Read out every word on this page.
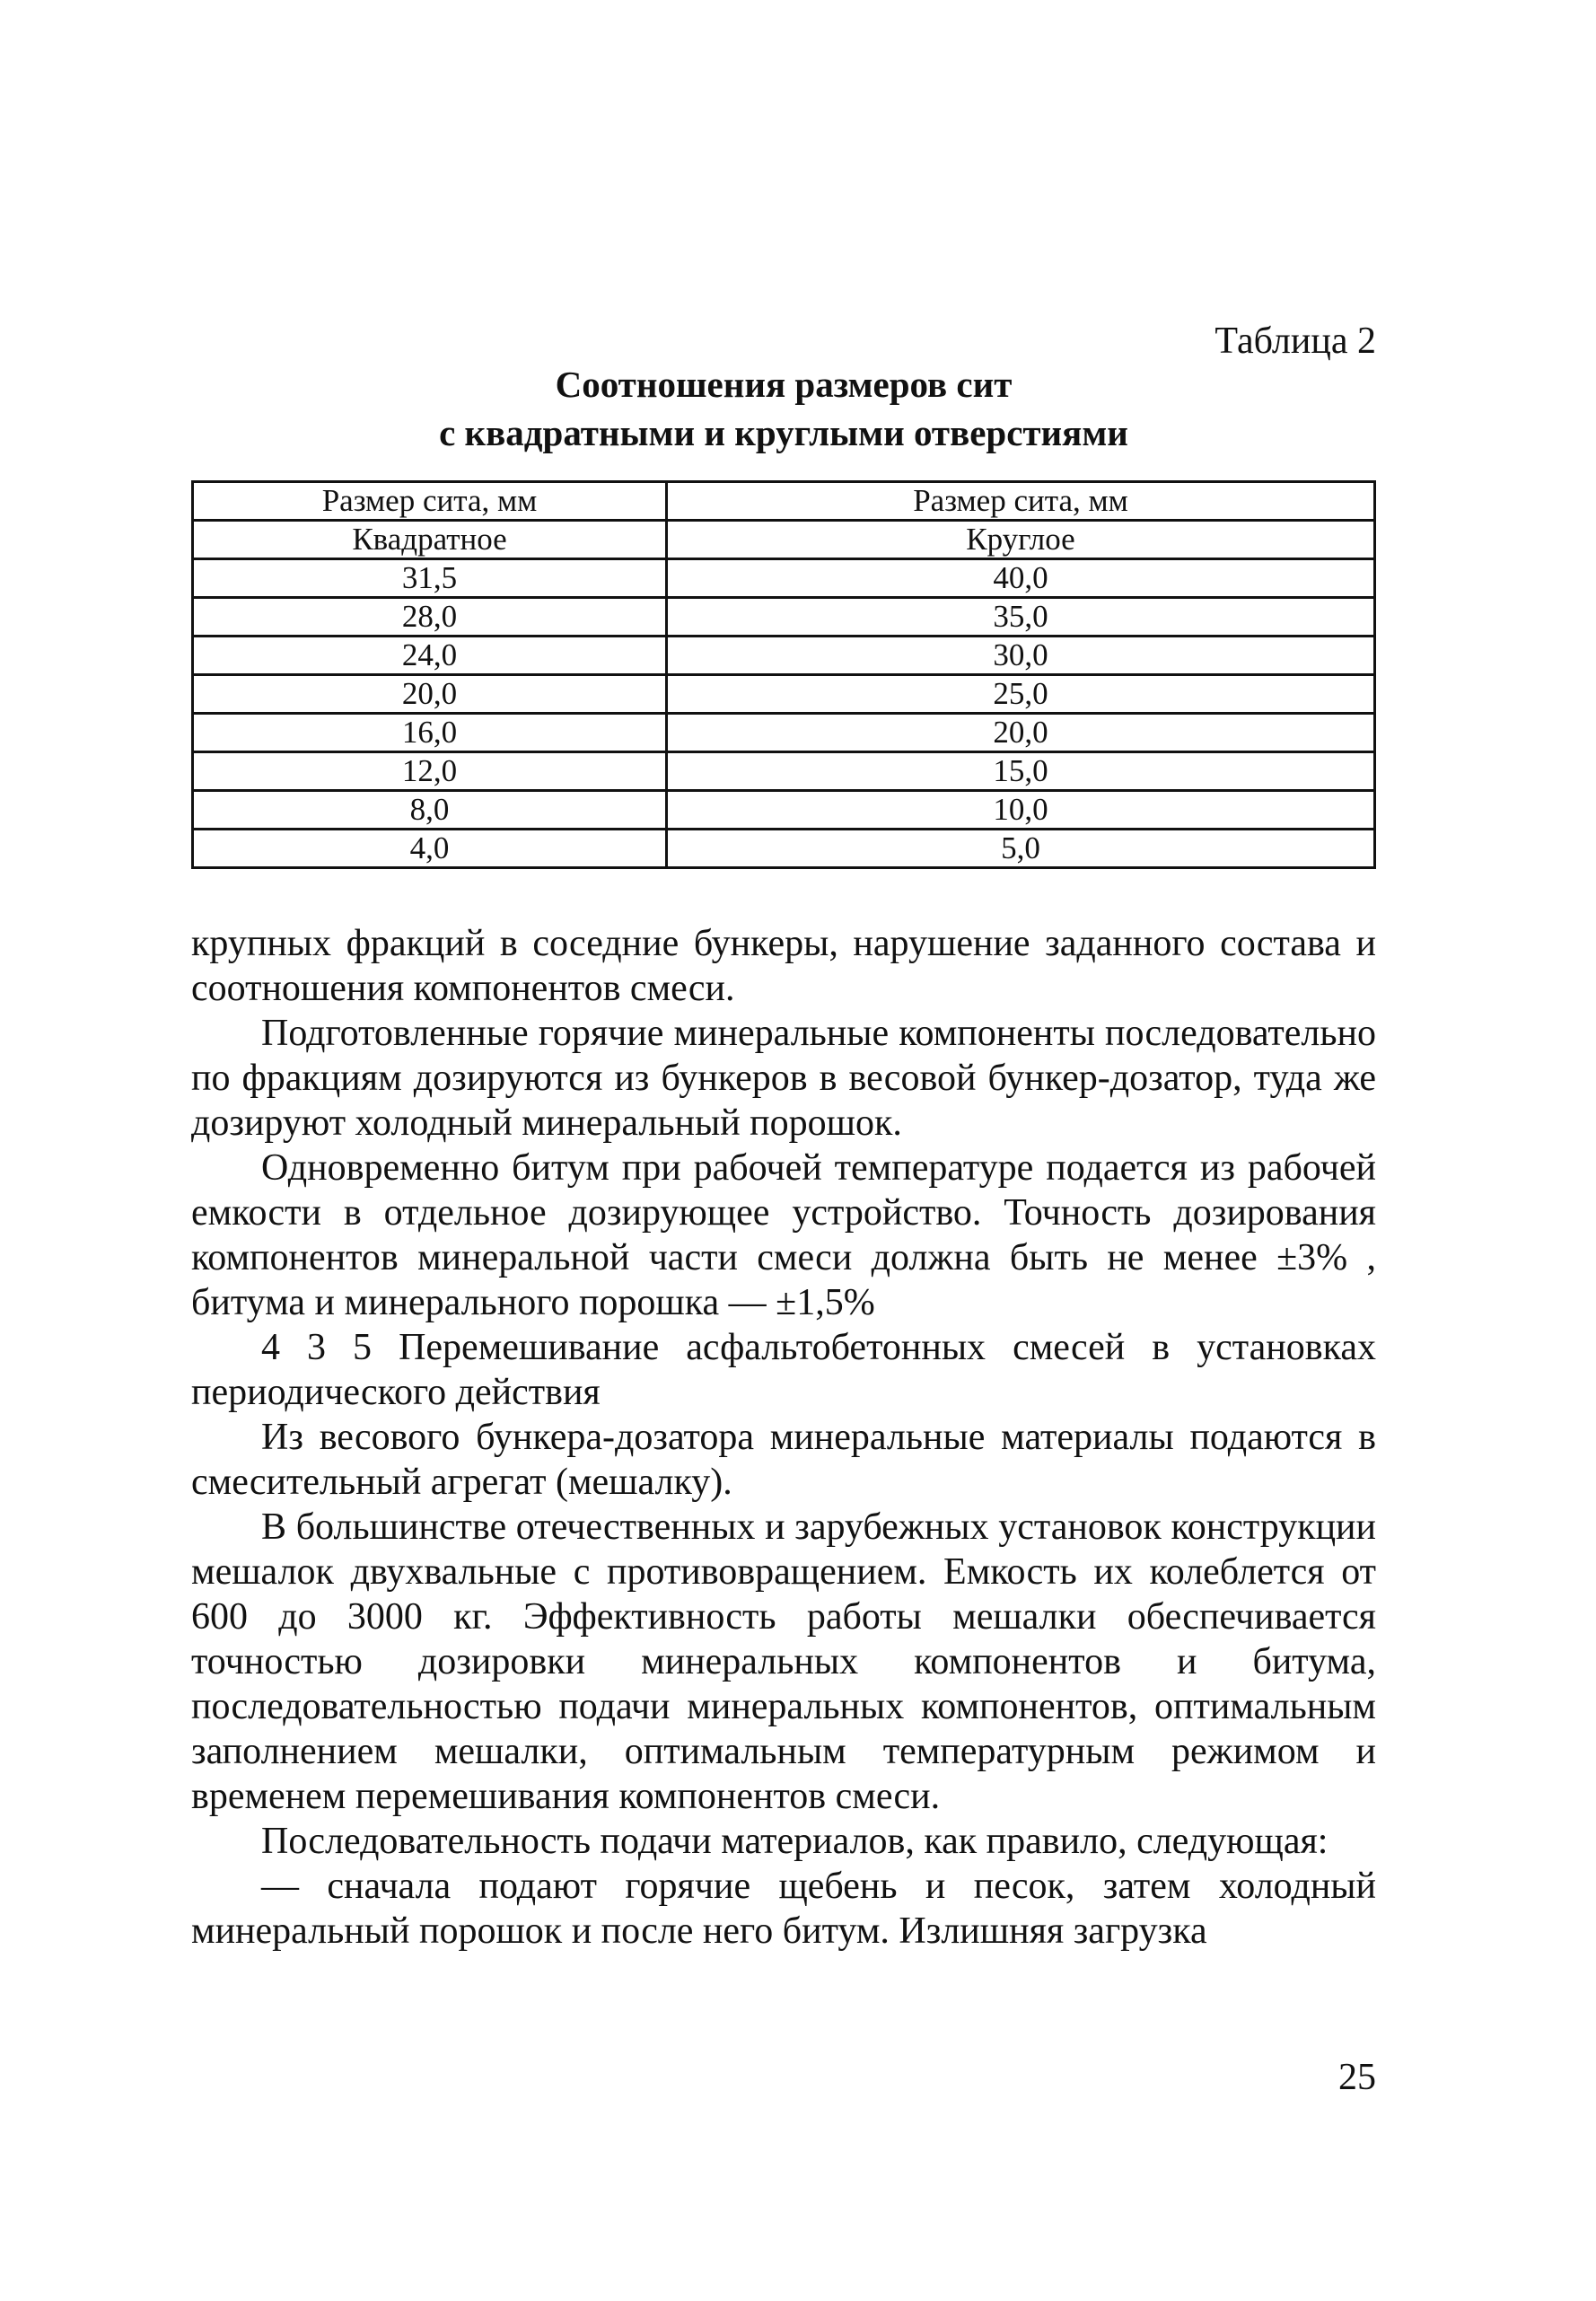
Таблица 2
Соотношения размеров сит
с квадратными и круглыми отверстиями
Размер сита, мм	Размер сита, мм
Квадратное	Круглое
31,5	40,0
28,0	35,0
24,0	30,0
20,0	25,0
16,0	20,0
12,0	15,0
8,0	10,0
4,0	5,0

крупных фракций в соседние бункеры, нарушение заданного состава и соотношения компонентов смеси.

Подготовленные горячие минеральные компоненты последовательно по фракциям дозируются из бункеров в весовой бункер-дозатор, туда же дозируют холодный минеральный порошок.

Одновременно битум при рабочей температуре подается из рабочей емкости в отдельное дозирующее устройство. Точность дозирования компонентов минеральной части смеси должна быть не менее ±3% , битума и минерального порошка — ±1,5%

4 3 5 Перемешивание асфальтобетонных смесей в установках периодического действия

Из весового бункера-дозатора минеральные материалы подаются в смесительный агрегат (мешалку).

В большинстве отечественных и зарубежных установок конструкции мешалок двухвальные с противовращением. Емкость их колеблется от 600 до 3000 кг. Эффективность работы мешалки обеспечивается точностью дозировки минеральных компонентов и битума, последовательностью подачи минеральных компонентов, оптимальным заполнением мешалки, оптимальным температурным режимом и временем перемешивания компонентов смеси.

Последовательность подачи материалов, как правило, следующая:

— сначала подают горячие щебень и песок, затем холодный минеральный порошок и после него битум. Излишняя загрузка

25
